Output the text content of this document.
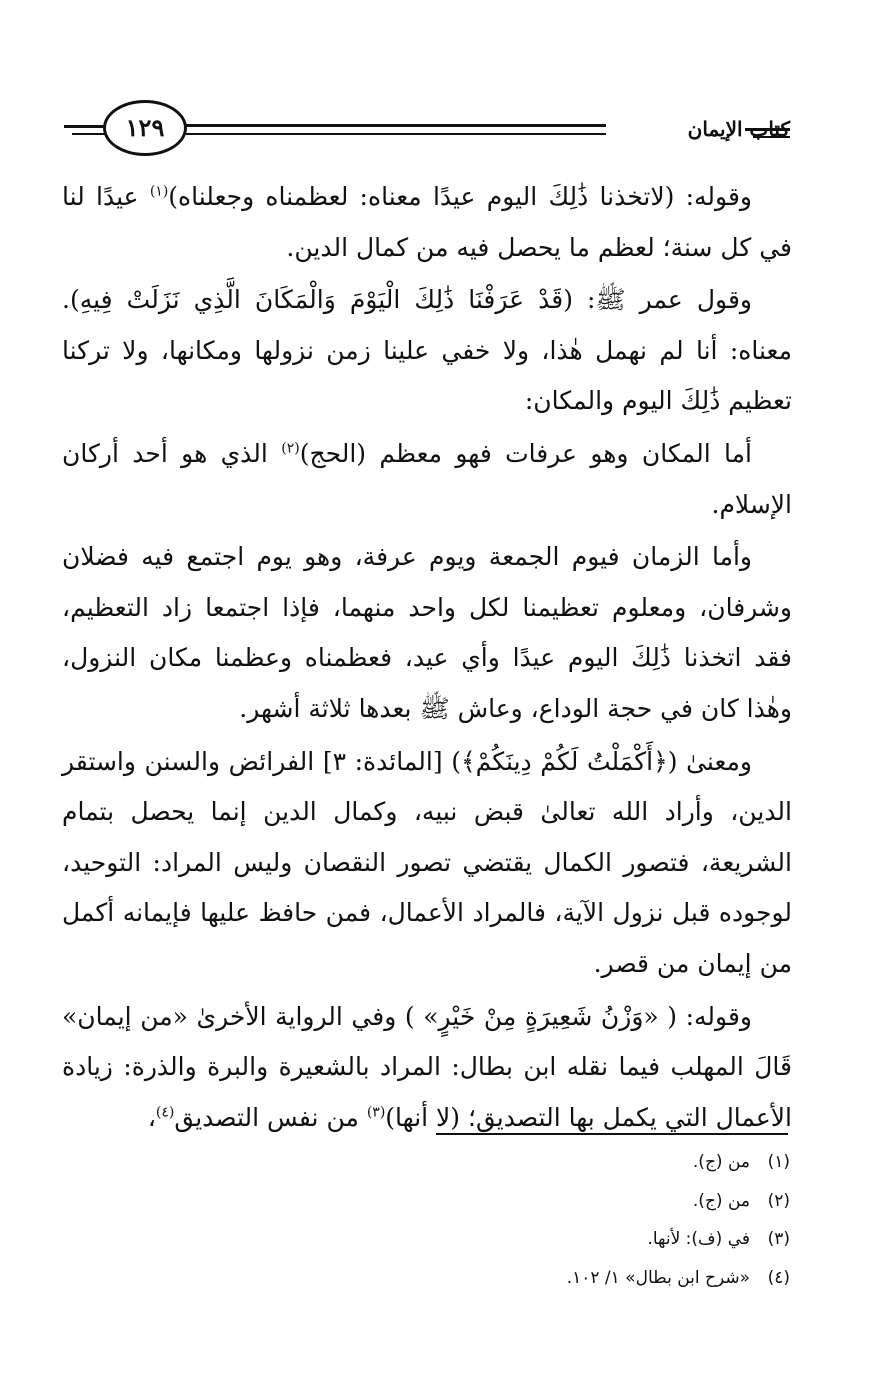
١٢٩	كتاب الإيمان

وقوله: (لاتخذنا ذَٰلِكَ اليوم عيدًا معناه: لعظمناه وجعلناه)$^{(١)}$ عيدًا لنا في كل سنة؛ لعظم ما يحصل فيه من كمال الدين.

وقول عمر ﷺ: (قَدْ عَرَفْنَا ذَٰلِكَ الْيَوْمَ وَالْمَكَانَ الَّذِي نَزَلَتْ فِيهِ). معناه: أنا لم نهمل هٰذا، ولا خفي علينا زمن نزولها ومكانها، ولا تركنا تعظيم ذَٰلِكَ اليوم والمكان:

أما المكان وهو عرفات فهو معظم (الحج)$^{(٢)}$ الذي هو أحد أركان الإسلام.

وأما الزمان فيوم الجمعة ويوم عرفة، وهو يوم اجتمع فيه فضلان وشرفان، ومعلوم تعظيمنا لكل واحد منهما، فإذا اجتمعا زاد التعظيم، فقد اتخذنا ذَٰلِكَ اليوم عيدًا وأي عيد، فعظمناه وعظمنا مكان النزول، وهٰذا كان في حجة الوداع، وعاش ﷺ بعدها ثلاثة أشهر.

ومعنىٰ (﴿أَكْمَلْتُ لَكُمْ دِينَكُمْ﴾) [المائدة: ٣] الفرائض والسنن واستقر الدين، وأراد الله تعالىٰ قبض نبيه، وكمال الدين إنما يحصل بتمام الشريعة، فتصور الكمال يقتضي تصور النقصان وليس المراد: التوحيد، لوجوده قبل نزول الآية، فالمراد الأعمال، فمن حافظ عليها فإيمانه أكمل من إيمان من قصر.

وقوله: ( «وَزْنُ شَعِيرَةٍ مِنْ خَيْرٍ» ) وفي الرواية الأخرىٰ «من إيمان» قَالَ المهلب فيما نقله ابن بطال: المراد بالشعيرة والبرة والذرة: زيادة الأعمال التي يكمل بها التصديق؛ (لا أنها)$^{(٣)}$ من نفس التصديق$^{(٤)}$،

(١)من (ج).
(٢)من (ج).
(٣)في (ف): لأنها.
(٤)«شرح ابن بطال» ١/ ١٠٢.
